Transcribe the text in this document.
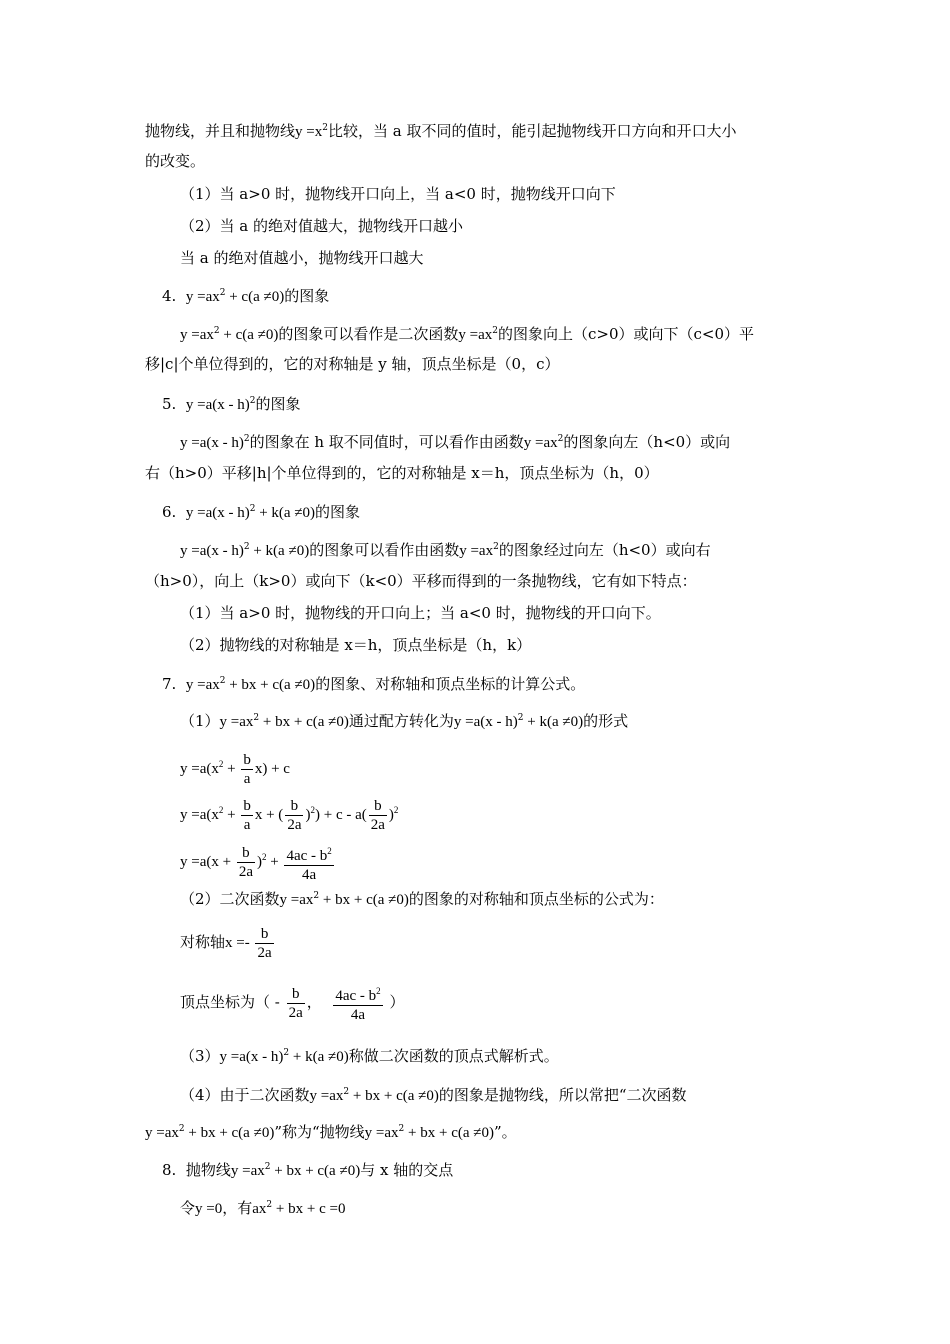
抛物线，并且和抛物线$y =x^2$比较，当 a 取不同的值时，能引起抛物线开口方向和开口大小
的改变。
（1）当 a>0 时，抛物线开口向上，当 a<0 时，抛物线开口向下
（2）当 a 的绝对值越大，抛物线开口越小
当 a 的绝对值越小，抛物线开口越大
4. $y =ax^2 + c(a \ne 0)$的图象
$y =ax^2 + c(a \ne 0)$的图象可以看作是二次函数$y =ax^2$的图象向上（c>0）或向下（c<0）平
移|c|个单位得到的，它的对称轴是 y 轴，顶点坐标是（0，c）
5. y =a(x - h)$^2$的图象
y =a(x - h)$^2$的图象在 h 取不同值时，可以看作由函数$y =ax^2$的图象向左（h<0）或向
右（h>0）平移|h|个单位得到的，它的对称轴是 x＝h，顶点坐标为（h，0）
6. y =a(x - h)$^2$ + k(a ≠0)的图象
y =a(x - h)$^2$ + k(a ≠0)的图象可以看作由函数$y =ax^2$的图象经过向左（h<0）或向右
（h>0），向上（k>0）或向下（k<0）平移而得到的一条抛物线，它有如下特点：
（1）当 a>0 时，抛物线的开口向上；当 a<0 时，抛物线的开口向下。
（2）抛物线的对称轴是 x＝h，顶点坐标是（h，k）
7. $y =ax^2$ + bx + c(a ≠0)的图象、对称轴和顶点坐标的计算公式。
$(1)y =ax^2$ + bx + c(a ≠0)通过配方转化为y =a(x - h)$^2$ + k(a ≠0)的形式
$y =a(x^2 + \frac{b}{a} x) + c$
$y =a(x^2 + \frac{b}{a}$ x + ( $\frac{b}{2a} )^2) + c - a( \frac{b}{2a} )^2$
$y =a(x + \frac{b}{2a} )^2 + \frac{4ac - b^2}{4a}$
（2）二次函数$y =ax^2$ + bx + c(a ≠0)的图象的对称轴和顶点坐标的公式为：
对称轴$x =- \frac{b}{2a}$
顶点坐标为（ - $\frac{b}{2a}$ ， $\frac{4ac - b^2}{4a}$ ）
（3）y =a(x - h)$^2$ + k(a ≠0)称做二次函数的顶点式解析式。
（4）由于二次函数$y =ax^2$ + bx + c(a ≠0)的图象是抛物线，所以常把“二次函数
$y =ax^2$ + bx + c(a ≠0)”称为“抛物线$y =ax^2$ + bx + c(a ≠0)”。
8. 抛物线$y =ax^2$ + bx + c(a ≠0)与 x 轴的交点
令y =0，有$ax^2$ + bx + c =0
